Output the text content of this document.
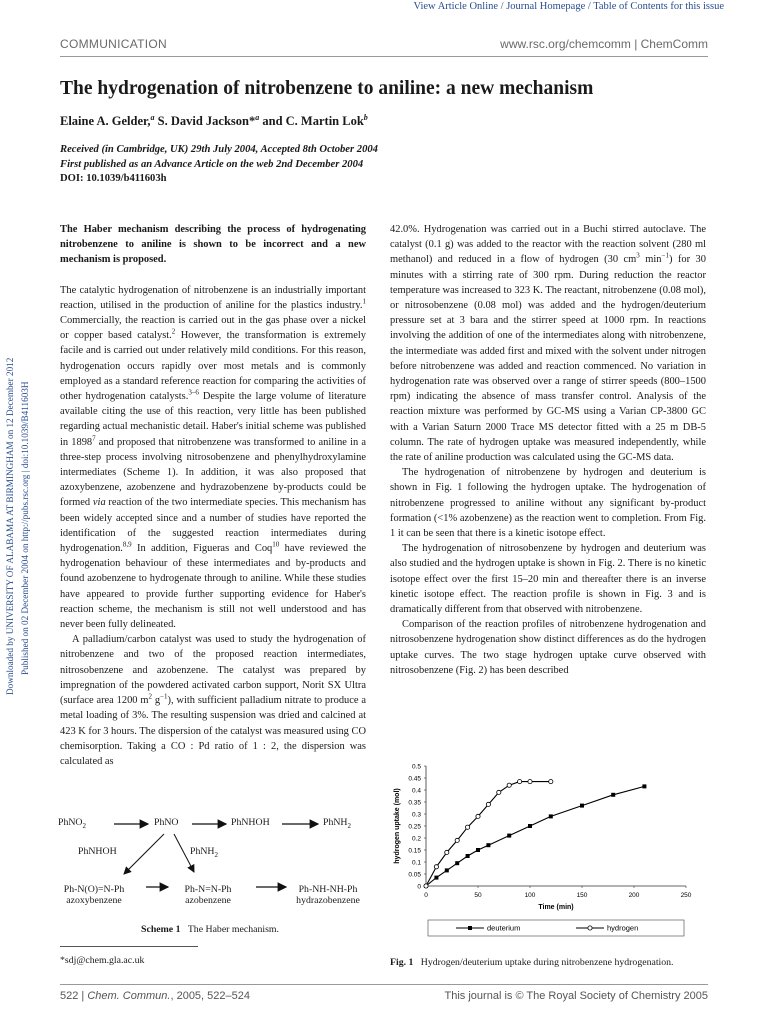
View Article Online / Journal Homepage / Table of Contents for this issue
COMMUNICATION	www.rsc.org/chemcomm | ChemComm
The hydrogenation of nitrobenzene to aniline: a new mechanism
Elaine A. Gelder,$^a$ S. David Jackson*$^a$ and C. Martin Lok$^b$
Received (in Cambridge, UK) 29th July 2004, Accepted 8th October 2004
First published as an Advance Article on the web 2nd December 2004
DOI: 10.1039/b411603h
Downloaded by UNIVERSITY OF ALABAMA AT BIRMINGHAM on 12 December 2012 Published on 02 December 2004 on http://pubs.rsc.org | doi:10.1039/B411603H

The Haber mechanism describing the process of hydrogenating nitrobenzene to aniline is shown to be incorrect and a new mechanism is proposed.

The catalytic hydrogenation of nitrobenzene is an industrially important reaction, utilised in the production of aniline for the plastics industry.$^1$ Commercially, the reaction is carried out in the gas phase over a nickel or copper based catalyst.$^2$ However, the transformation is extremely facile and is carried out under relatively mild conditions. For this reason, hydrogenation occurs rapidly over most metals and is commonly employed as a standard reference reaction for comparing the activities of other hydrogenation catalysts.$^{3-6}$ Despite the large volume of literature available citing the use of this reaction, very little has been published regarding actual mechanistic detail. Haber's initial scheme was published in 1898$^7$ and proposed that nitrobenzene was transformed to aniline in a three-step process involving nitrosobenzene and phenylhydroxylamine intermediates (Scheme 1). In addition, it was also proposed that azoxybenzene, azobenzene and hydrazobenzene by-products could be formed via reaction of the two intermediate species. This mechanism has been widely accepted since and a number of studies have reported the identification of the suggested reaction intermediates during hydrogenation.$^{8,9}$ In addition, Figueras and Coq$^{10}$ have reviewed the hydrogenation behaviour of these intermediates and by-products and found azobenzene to hydrogenate through to aniline. While these studies have appeared to provide further supporting evidence for Haber's reaction scheme, the mechanism is still not well understood and has never been fully delineated.

A palladium/carbon catalyst was used to study the hydrogenation of nitrobenzene and two of the proposed reaction intermediates, nitrosobenzene and azobenzene. The catalyst was prepared by impregnation of the powdered activated carbon support, Norit SX Ultra (surface area 1200 $m^2$ $g^{-1}$), with sufficient palladium nitrate to produce a metal loading of 3%. The resulting suspension was dried and calcined at 423 K for 3 hours. The dispersion of the catalyst was measured using CO chemisorption. Taking a CO : Pd ratio of 1 : 2, the dispersion was calculated as

42.0%. Hydrogenation was carried out in a Buchi stirred autoclave. The catalyst (0.1 g) was added to the reactor with the reaction solvent (280 ml methanol) and reduced in a flow of hydrogen (30 $cm^3$ $\min^{-1}$) for 30 minutes with a stirring rate of 300 rpm. During reduction the reactor temperature was increased to 323 K. The reactant, nitrobenzene (0.08 mol), or nitrosobenzene (0.08 mol) was added and the hydrogen/deuterium pressure set at 3 bara and the stirrer speed at 1000 rpm. In reactions involving the addition of one of the intermediates along with nitrobenzene, the intermediate was added first and mixed with the solvent under nitrogen before nitrobenzene was added and reaction commenced. No variation in hydrogenation rate was observed over a range of stirrer speeds (800–1500 rpm) indicating the absence of mass transfer control. Analysis of the reaction mixture was performed by GC-MS using a Varian CP-3800 GC with a Varian Saturn 2000 Trace MS detector fitted with a 25 m DB-5 column. The rate of hydrogen uptake was measured independently, while the rate of aniline production was calculated using the GC-MS data.

The hydrogenation of nitrobenzene by hydrogen and deuterium is shown in Fig. 1 following the hydrogen uptake. The hydrogenation of nitrobenzene progressed to aniline without any significant by-product formation (<1% azobenzene) as the reaction went to completion. From Fig. 1 it can be seen that there is a kinetic isotope effect.

The hydrogenation of nitrosobenzene by hydrogen and deuterium was also studied and the hydrogen uptake is shown in Fig. 2. There is no kinetic isotope effect over the first 15–20 min and thereafter there is an inverse kinetic isotope effect. The reaction profile is shown in Fig. 3 and is dramatically different from that observed with nitrobenzene.

Comparison of the reaction profiles of nitrobenzene hydrogenation and nitrosobenzene hydrogenation show distinct differences as do the hydrogen uptake curves. The two stage hydrogen uptake curve observed with nitrosobenzene (Fig. 2) has been described

PhNO$_2$	PhNO	PhNHOH	PhNH$_2$
PhNHOH	PhNH$_2$
Ph-N(O)=N-Ph
azoxybenzene
Ph-N=N-Ph
azobenzene
Ph-NH-NH-Ph
hydrazobenzene
Scheme 1 The Haber mechanism.
*sdj@chem.gla.ac.uk
0
0.05
0.1
0.15
0.2
0.25
0.3
0.35
0.4
0.45
0.5
0	50	100	150	200	250
Time (min)
hydrogen uptake (mol)
deuterium	hydrogen
Fig. 1 Hydrogen/deuterium uptake during nitrobenzene hydrogenation.
522 | Chem. Commun., 2005, 522–524	This journal is © The Royal Society of Chemistry 2005
